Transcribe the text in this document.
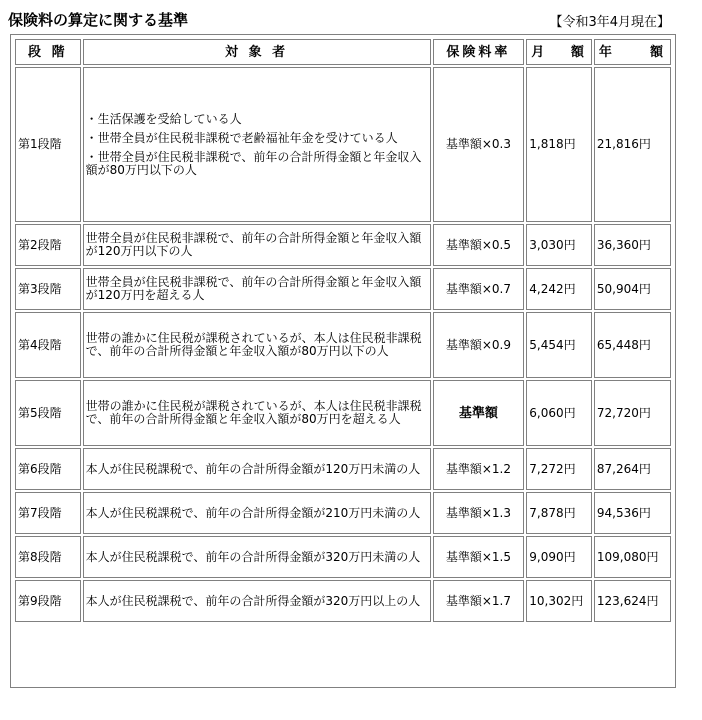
保険料の算定に関する基準	【令和3年4月現在】
段 階	対 象 者	保険料率	月 額	年 額

第1段階	・生活保護を受給している人
・世帯全員が住民税非課税で老齢福祉年金を受けている人
・世帯全員が住民税非課税で、前年の合計所得金額と年金収入額が80万円以下の人	基準額×0.3	1,818円	21,816円
第2段階	世帯全員が住民税非課税で、前年の合計所得金額と年金収入額が120万円以下の人	基準額×0.5	3,030円	36,360円
第3段階	世帯全員が住民税非課税で、前年の合計所得金額と年金収入額が120万円を超える人	基準額×0.7	4,242円	50,904円
第4段階	世帯の誰かに住民税が課税されているが、本人は住民税非課税で、前年の合計所得金額と年金収入額が80万円以下の人	基準額×0.9	5,454円	65,448円
第5段階	世帯の誰かに住民税が課税されているが、本人は住民税非課税で、前年の合計所得金額と年金収入額が80万円を超える人	基準額	6,060円	72,720円
第6段階	本人が住民税課税で、前年の合計所得金額が120万円未満の人	基準額×1.2	7,272円	87,264円
第7段階	本人が住民税課税で、前年の合計所得金額が210万円未満の人	基準額×1.3	7,878円	94,536円
第8段階	本人が住民税課税で、前年の合計所得金額が320万円未満の人	基準額×1.5	9,090円	109,080円
第9段階	本人が住民税課税で、前年の合計所得金額が320万円以上の人	基準額×1.7	10,302円	123,624円
